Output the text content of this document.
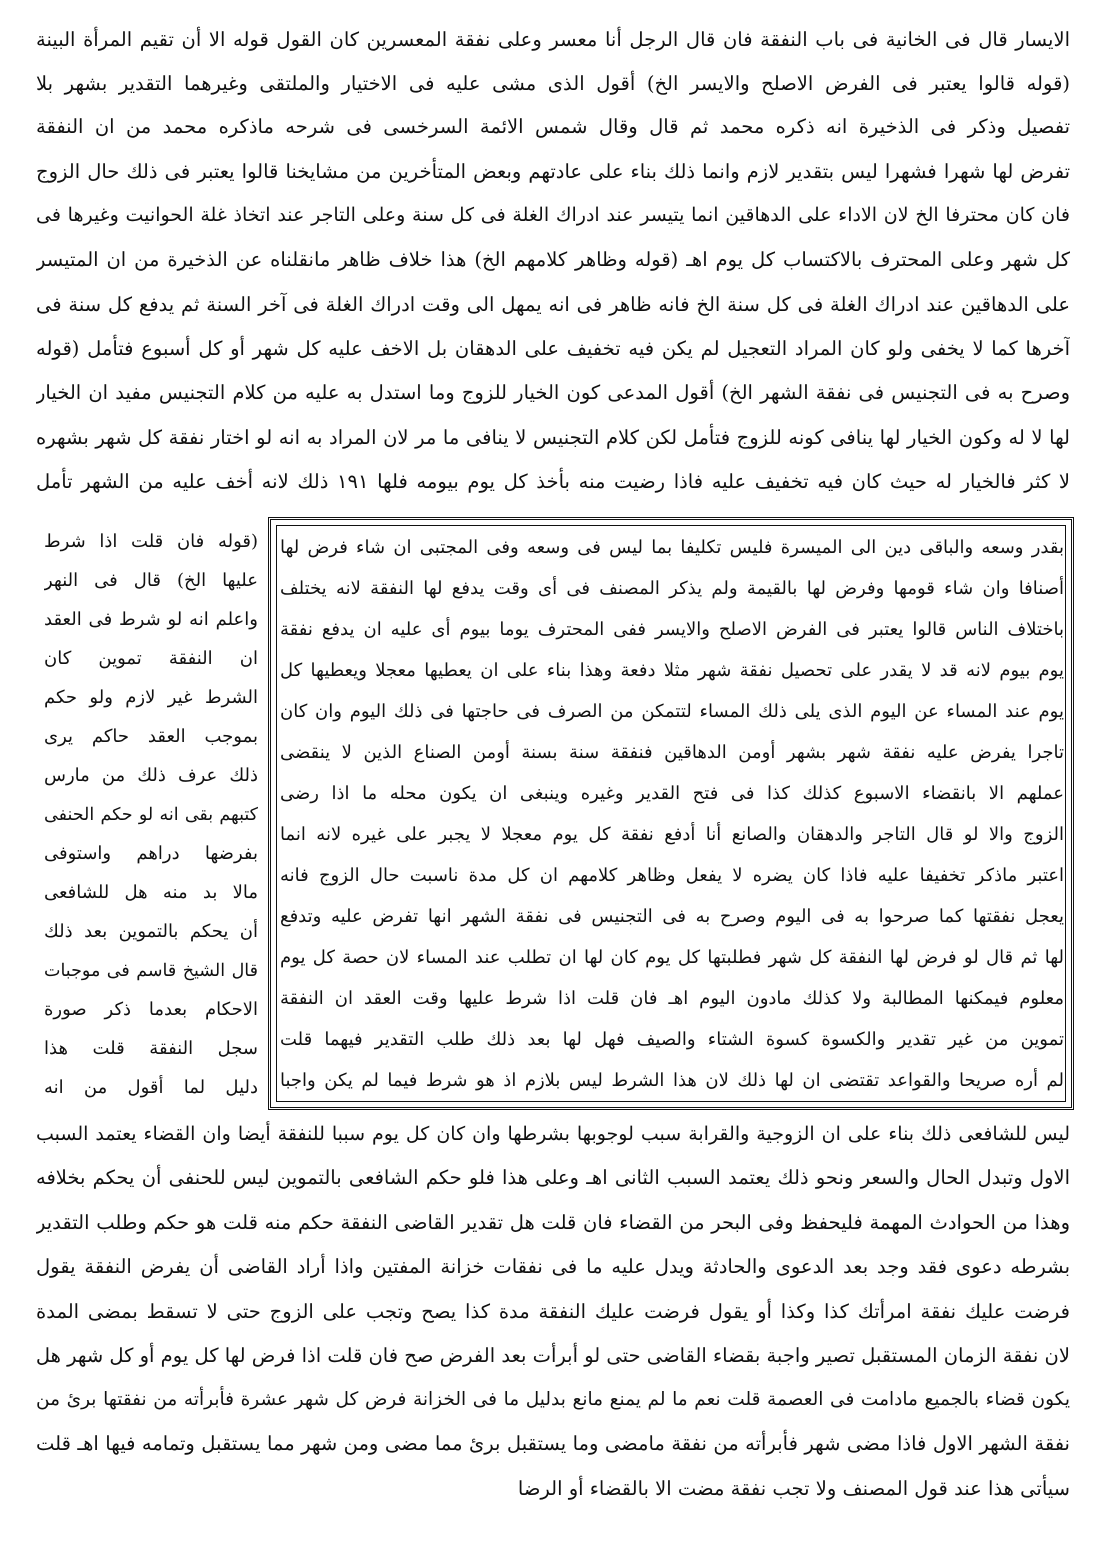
الايسار قال فى الخانية فى باب النفقة فان قال الرجل أنا معسر وعلى نفقة المعسرين كان القول قوله الا أن تقيم المرأة البينة
(قوله قالوا يعتبر فى الفرض الاصلح والايسر الخ) أقول الذى مشى عليه فى الاختيار والملتقى وغيرهما التقدير بشهر بلا
تفصيل وذكر فى الذخيرة انه ذكره محمد ثم قال وقال شمس الائمة السرخسى فى شرحه ماذكره محمد من ان النفقة
تفرض لها شهرا فشهرا ليس بتقدير لازم وانما ذلك بناء على عادتهم وبعض المتأخرين من مشايخنا قالوا يعتبر فى ذلك حال الزوج
فان كان محترفا الخ لان الاداء على الدهاقين انما يتيسر عند ادراك الغلة فى كل سنة وعلى التاجر عند اتخاذ غلة الحوانيت وغيرها فى
كل شهر وعلى المحترف بالاكتساب كل يوم اهـ (قوله وظاهر كلامهم الخ) هذا خلاف ظاهر مانقلناه عن الذخيرة من ان المتيسر
على الدهاقين عند ادراك الغلة فى كل سنة الخ فانه ظاهر فى انه يمهل الى وقت ادراك الغلة فى آخر السنة ثم يدفع كل سنة فى
آخرها كما لا يخفى ولو كان المراد التعجيل لم يكن فيه تخفيف على الدهقان بل الاخف عليه كل شهر أو كل أسبوع فتأمل (قوله
وصرح به فى التجنيس فى نفقة الشهر الخ) أقول المدعى كون الخيار للزوج وما استدل به عليه من كلام التجنيس مفيد ان الخيار
لها لا له وكون الخيار لها ينافى كونه للزوج فتأمل لكن كلام التجنيس لا ينافى ما مر لان المراد به انه لو اختار نفقة كل شهر بشهره
لا كثر فالخيار له حيث كان فيه تخفيف عليه فاذا رضيت منه بأخذ كل يوم بيومه فلها ١٩١ ذلك لانه أخف عليه من الشهر تأمل
بقدر وسعه والباقى دين الى الميسرة فليس تكليفا بما ليس فى وسعه وفى المجتبى ان شاء فرض لها
أصنافا وان شاء قومها وفرض لها بالقيمة ولم يذكر المصنف فى أى وقت يدفع لها النفقة لانه يختلف
باختلاف الناس قالوا يعتبر فى الفرض الاصلح والايسر ففى المحترف يوما بيوم أى عليه ان يدفع نفقة
يوم بيوم لانه قد لا يقدر على تحصيل نفقة شهر مثلا دفعة وهذا بناء على ان يعطيها معجلا ويعطيها كل
يوم عند المساء عن اليوم الذى يلى ذلك المساء لتتمكن من الصرف فى حاجتها فى ذلك اليوم وان كان
تاجرا يفرض عليه نفقة شهر بشهر أومن الدهاقين فنفقة سنة بسنة أومن الصناع الذين لا ينقضى
عملهم الا بانقضاء الاسبوع كذلك كذا فى فتح القدير وغيره وينبغى ان يكون محله ما اذا رضى
الزوج والا لو قال التاجر والدهقان والصانع أنا أدفع نفقة كل يوم معجلا لا يجبر على غيره لانه انما
اعتبر ماذكر تخفيفا عليه فاذا كان يضره لا يفعل وظاهر كلامهم ان كل مدة ناسبت حال الزوج فانه
يعجل نفقتها كما صرحوا به فى اليوم وصرح به فى التجنيس فى نفقة الشهر انها تفرض عليه وتدفع
لها ثم قال لو فرض لها النفقة كل شهر فطلبتها كل يوم كان لها ان تطلب عند المساء لان حصة كل يوم
معلوم فيمكنها المطالبة ولا كذلك مادون اليوم اهـ فان قلت اذا شرط عليها وقت العقد ان النفقة
تموين من غير تقدير والكسوة كسوة الشتاء والصيف فهل لها بعد ذلك طلب التقدير فيهما قلت
لم أره صريحا والقواعد تقتضى ان لها ذلك لان هذا الشرط ليس بلازم اذ هو شرط فيما لم يكن واجبا
(قوله فان قلت اذا شرط
عليها الخ) قال فى النهر
واعلم انه لو شرط فى العقد
ان النفقة تموين كان
الشرط غير لازم ولو حكم
بموجب العقد حاكم يرى
ذلك عرف ذلك من مارس
كتبهم بقى انه لو حكم الحنفى
بفرضها دراهم واستوفى
مالا بد منه هل للشافعى
أن يحكم بالتموين بعد ذلك
قال الشيخ قاسم فى موجبات
الاحكام بعدما ذكر صورة
سجل النفقة قلت هذا
دليل لما أقول من انه
ليس للشافعى ذلك بناء على ان الزوجية والقرابة سبب لوجوبها بشرطها وان كان كل يوم سببا للنفقة أيضا وان القضاء يعتمد السبب
الاول وتبدل الحال والسعر ونحو ذلك يعتمد السبب الثانى اهـ وعلى هذا فلو حكم الشافعى بالتموين ليس للحنفى أن يحكم بخلافه
وهذا من الحوادث المهمة فليحفظ وفى البحر من القضاء فان قلت هل تقدير القاضى النفقة حكم منه قلت هو حكم وطلب التقدير
بشرطه دعوى فقد وجد بعد الدعوى والحادثة ويدل عليه ما فى نفقات خزانة المفتين واذا أراد القاضى أن يفرض النفقة يقول
فرضت عليك نفقة امرأتك كذا وكذا أو يقول فرضت عليك النفقة مدة كذا يصح وتجب على الزوج حتى لا تسقط بمضى المدة
لان نفقة الزمان المستقبل تصير واجبة بقضاء القاضى حتى لو أبرأت بعد الفرض صح فان قلت اذا فرض لها كل يوم أو كل شهر هل
يكون قضاء بالجميع مادامت فى العصمة قلت نعم ما لم يمنع مانع بدليل ما فى الخزانة فرض كل شهر عشرة فأبرأته من نفقتها برئ من
نفقة الشهر الاول فاذا مضى شهر فأبرأته من نفقة مامضى وما يستقبل برئ مما مضى ومن شهر مما يستقبل وتمامه فيها اهـ قلت
سيأتى هذا عند قول المصنف ولا تجب نفقة مضت الا بالقضاء أو الرضا
